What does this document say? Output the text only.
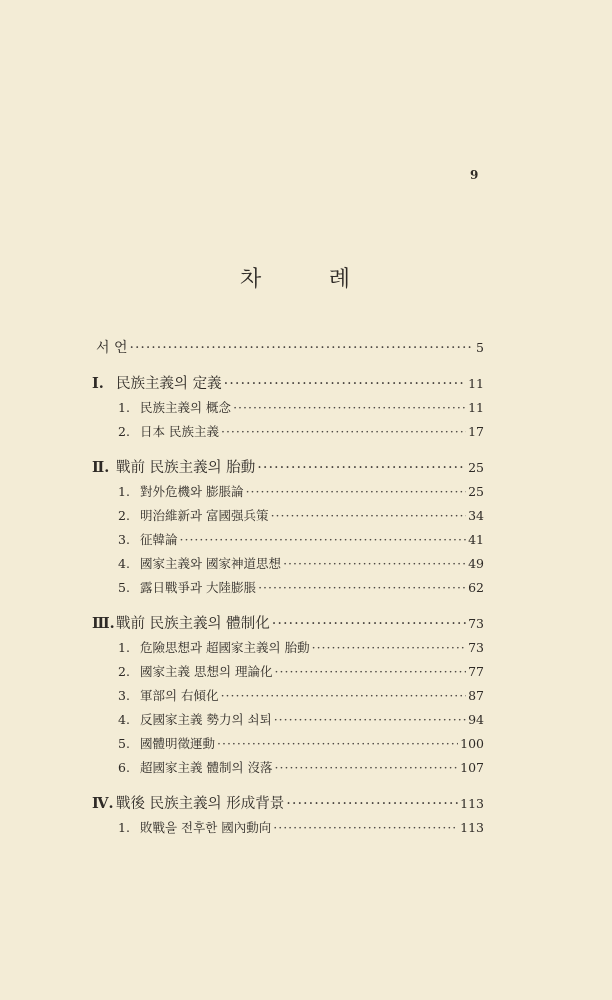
9
차	례
서 언 ·····	5
Ⅰ. 民族主義의 定義 ·····	11
1. 民族主義의 概念 ·····	11
2. 日本 民族主義 ·····	17
Ⅱ. 戰前 民族主義의 胎動 ·····	25
1. 對外危機와 膨脹論 ·····	25
2. 明治維新과 富國强兵策 ·····	34
3. 征韓論 ·····	41
4. 國家主義와 國家神道思想 ·····	49
5. 露日戰爭과 大陸膨脹 ·····	62
Ⅲ. 戰前 民族主義의 體制化 ·····	73
1. 危險思想과 超國家主義의 胎動 ·····	73
2. 國家主義 思想의 理論化 ·····	77
3. 軍部의 右傾化 ·····	87
4. 反國家主義 勢力의 쇠퇴 ·····	94
5. 國體明徵運動 ·····	100
6. 超國家主義 體制의 沒落 ·····	107
Ⅳ. 戰後 民族主義의 形成背景 ·····	113
1. 敗戰을 전후한 國內動向 ·····	113
